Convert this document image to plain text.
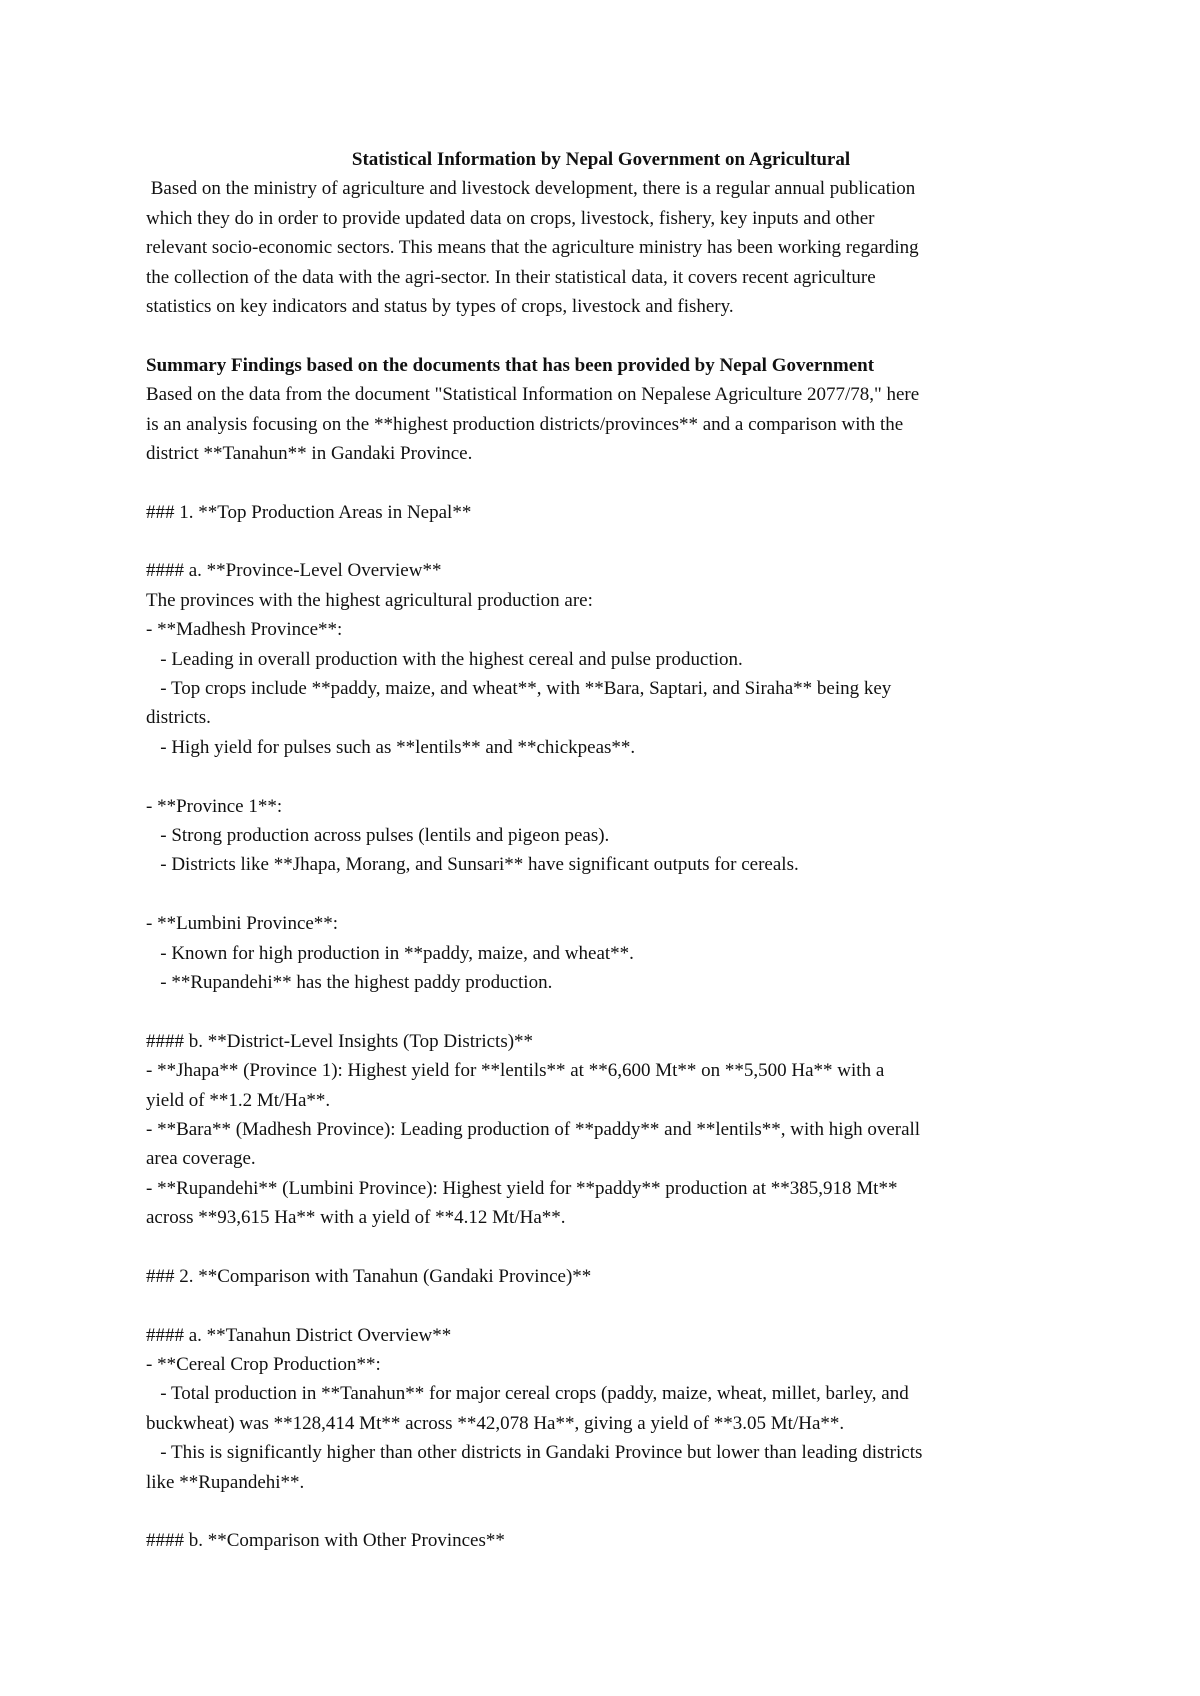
Statistical Information by Nepal Government on Agricultural
Based on the ministry of agriculture and livestock development, there is a regular annual publication
which they do in order to provide updated data on crops, livestock, fishery, key inputs and other
relevant socio-economic sectors. This means that the agriculture ministry has been working regarding
the collection of the data with the agri-sector. In their statistical data, it covers recent agriculture
statistics on key indicators and status by types of crops, livestock and fishery.
Summary Findings based on the documents that has been provided by Nepal Government
Based on the data from the document "Statistical Information on Nepalese Agriculture 2077/78," here
is an analysis focusing on the **highest production districts/provinces** and a comparison with the
district **Tanahun** in Gandaki Province.
### 1. **Top Production Areas in Nepal**
#### a. **Province-Level Overview**
The provinces with the highest agricultural production are:
- **Madhesh Province**:
- Leading in overall production with the highest cereal and pulse production.
- Top crops include **paddy, maize, and wheat**, with **Bara, Saptari, and Siraha** being key
districts.
- High yield for pulses such as **lentils** and **chickpeas**.
- **Province 1**:
- Strong production across pulses (lentils and pigeon peas).
- Districts like **Jhapa, Morang, and Sunsari** have significant outputs for cereals.
- **Lumbini Province**:
- Known for high production in **paddy, maize, and wheat**.
- **Rupandehi** has the highest paddy production.
#### b. **District-Level Insights (Top Districts)**
- **Jhapa** (Province 1): Highest yield for **lentils** at **6,600 Mt** on **5,500 Ha** with a
yield of **1.2 Mt/Ha**.
- **Bara** (Madhesh Province): Leading production of **paddy** and **lentils**, with high overall
area coverage.
- **Rupandehi** (Lumbini Province): Highest yield for **paddy** production at **385,918 Mt**
across **93,615 Ha** with a yield of **4.12 Mt/Ha**.
### 2. **Comparison with Tanahun (Gandaki Province)**
#### a. **Tanahun District Overview**
- **Cereal Crop Production**:
- Total production in **Tanahun** for major cereal crops (paddy, maize, wheat, millet, barley, and
buckwheat) was **128,414 Mt** across **42,078 Ha**, giving a yield of **3.05 Mt/Ha**.
- This is significantly higher than other districts in Gandaki Province but lower than leading districts
like **Rupandehi**.
#### b. **Comparison with Other Provinces**
